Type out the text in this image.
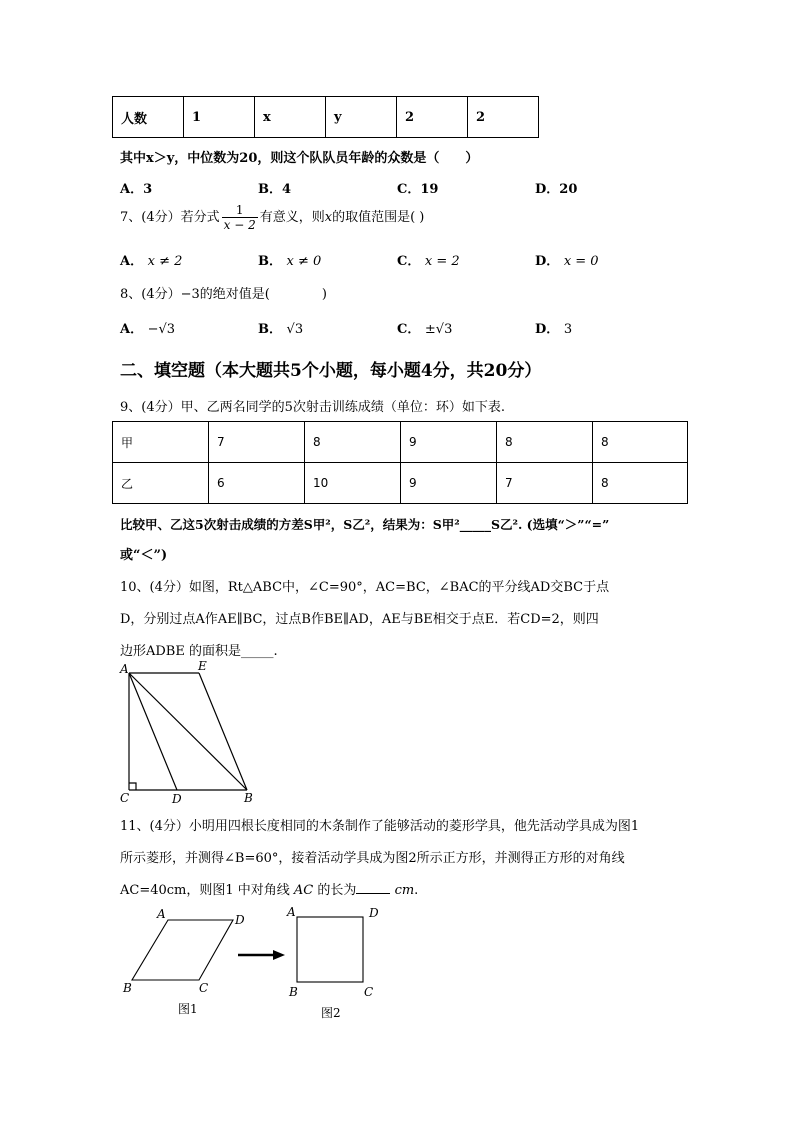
人数	1	x	y	2	2
其中x＞y，中位数为20，则这个队队员年龄的众数是（　　）
A．3	B．4	C．19	D．20
7、(4分）若分式 $\frac{1}{x - 2}$ 有意义，则x的取值范围是( )
A． x ≠ 2	B． x ≠ 0	C． x = 2	D． x = 0
8、(4分）−3的绝对值是(　　　　)
A． −√3	B． √3	C． ±√3	D． 3
二、填空题（本大题共5个小题，每小题4分，共20分）
9、(4分）甲、乙两名同学的5次射击训练成绩（单位：环）如下表.
甲	7	8	9	8	8
乙	6	10	9	7	8
比较甲、乙这5次射击成绩的方差S甲²，S乙²，结果为：S甲²_____S乙². (选填“＞”“=”
或“＜”)
10、(4分）如图，Rt△ABC中，∠C=90°，AC=BC，∠BAC的平分线AD交BC于点
D，分别过点A作AE∥BC，过点B作BE∥AD，AE与BE相交于点E．若CD=2，则四
边形ADBE 的面积是_____.
A	E
C	D	B
11、(4分）小明用四根长度相同的木条制作了能够活动的菱形学具，他先活动学具成为图1
所示菱形，并测得∠B=60°，接着活动学具成为图2所示正方形，并测得正方形的对角线
AC=40cm，则图1 中对角线 AC 的长为	cm.
A	D
B	C
图1
A	D
B	C
图2
